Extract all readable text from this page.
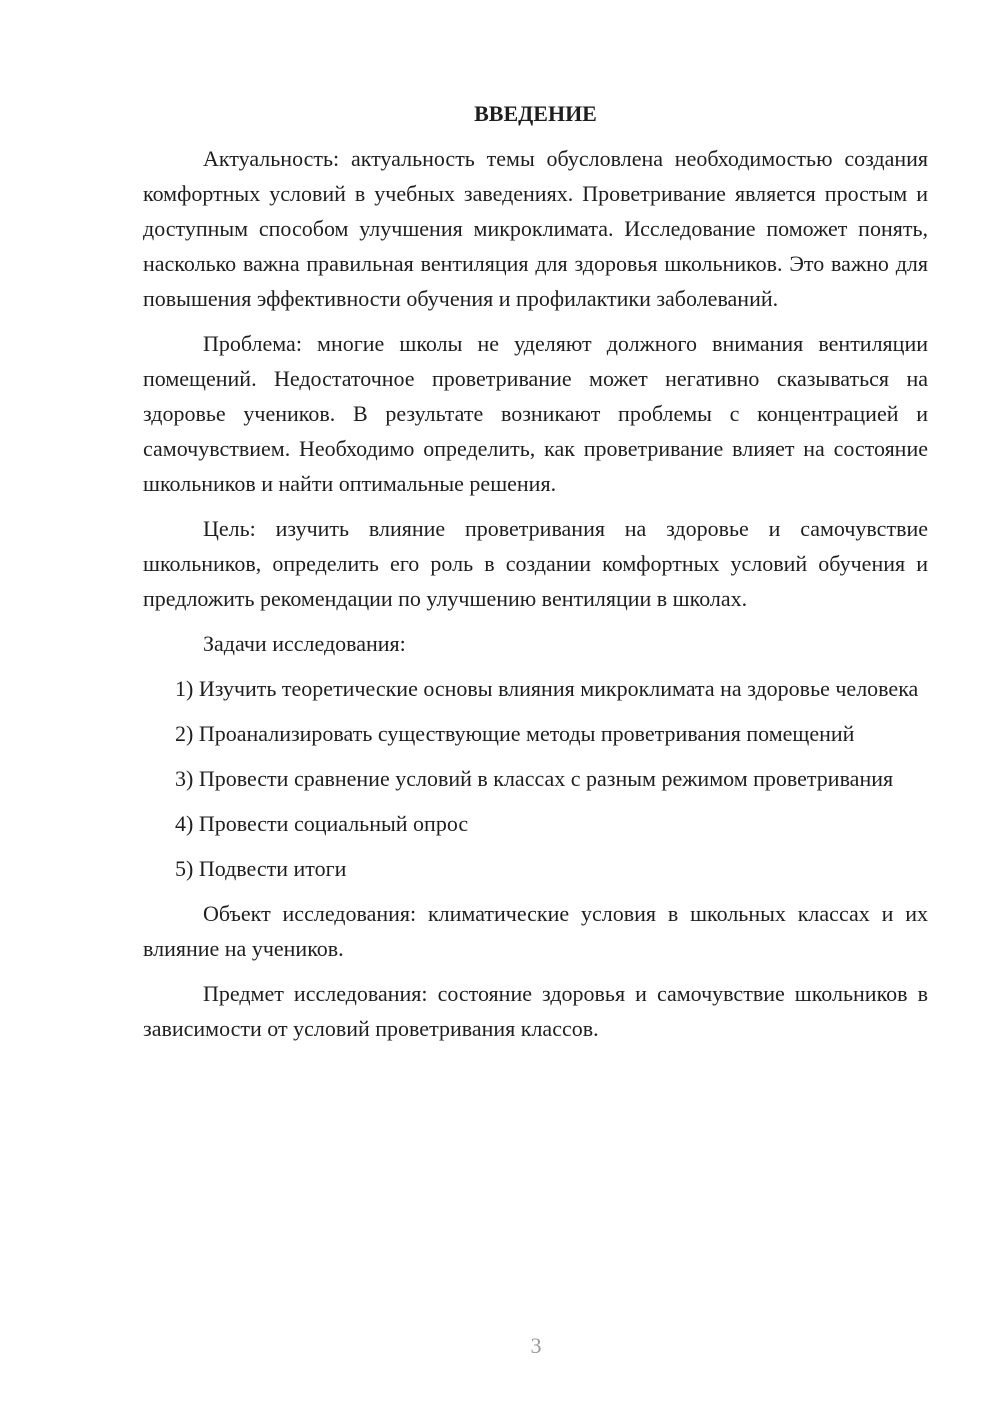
ВВЕДЕНИЕ

Актуальность: актуальность темы обусловлена необходимостью создания комфортных условий в учебных заведениях. Проветривание является простым и доступным способом улучшения микроклимата. Исследование поможет понять, насколько важна правильная вентиляция для здоровья школьников. Это важно для повышения эффективности обучения и профилактики заболеваний.

Проблема: многие школы не уделяют должного внимания вентиляции помещений. Недостаточное проветривание может негативно сказываться на здоровье учеников. В результате возникают проблемы с концентрацией и самочувствием. Необходимо определить, как проветривание влияет на состояние школьников и найти оптимальные решения.

Цель: изучить влияние проветривания на здоровье и самочувствие школьников, определить его роль в создании комфортных условий обучения и предложить рекомендации по улучшению вентиляции в школах.

Задачи исследования:

1) Изучить теоретические основы влияния микроклимата на здоровье человека

2) Проанализировать существующие методы проветривания помещений

3) Провести сравнение условий в классах с разным режимом проветривания

4) Провести социальный опрос

5) Подвести итоги

Объект исследования: климатические условия в школьных классах и их влияние на учеников.

Предмет исследования: состояние здоровья и самочувствие школьников в зависимости от условий проветривания классов.

3
